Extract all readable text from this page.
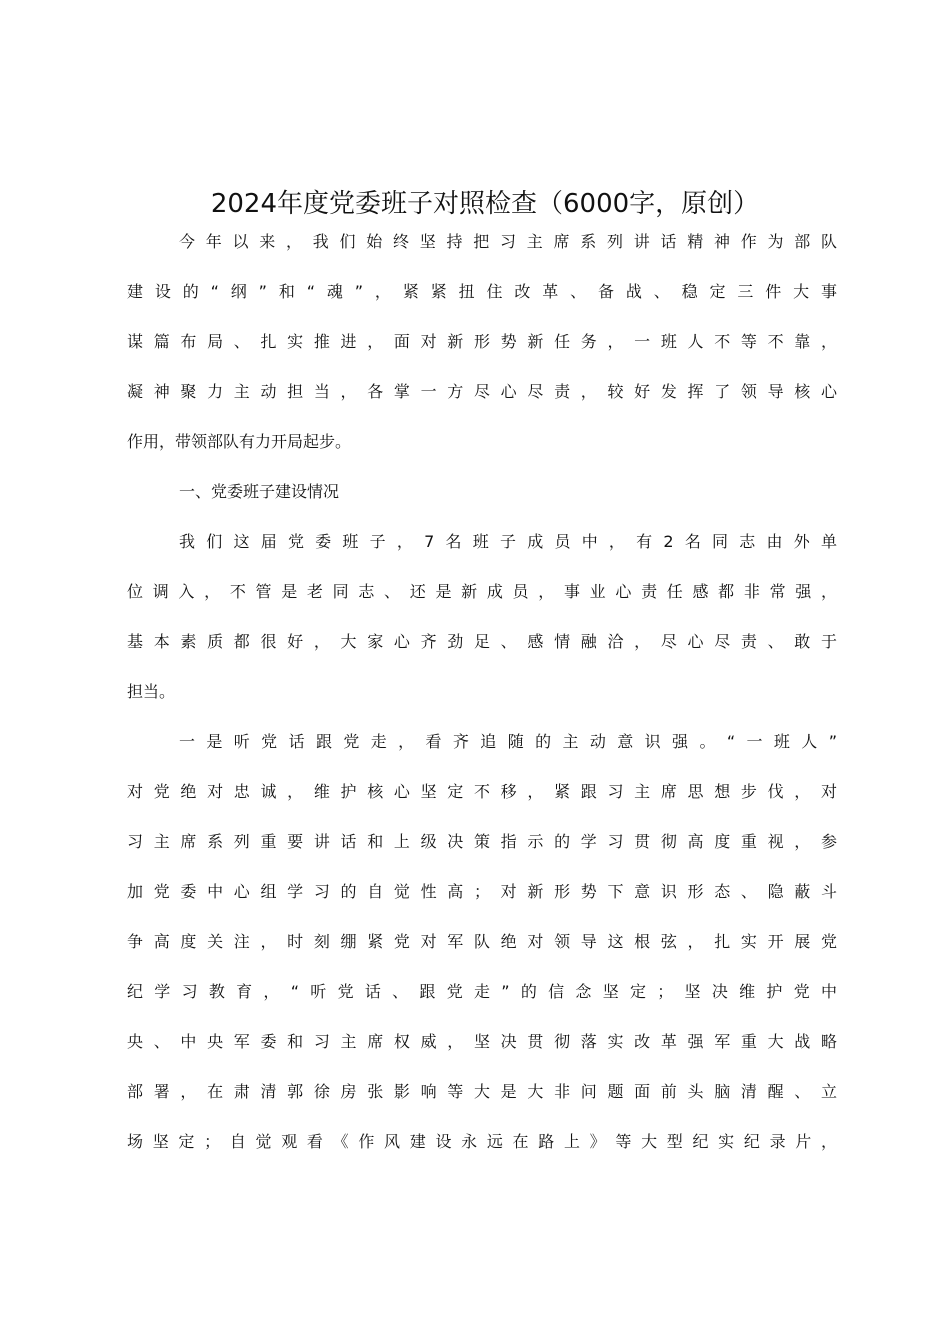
2024年度党委班子对照检查（6000字，原创）
今年以来，我们始终坚持把习主席系列讲话精神作为部队
建设的“纲”和“魂”，紧紧扭住改革、备战、稳定三件大事
谋篇布局、扎实推进，面对新形势新任务，一班人不等不靠，
凝神聚力主动担当，各掌一方尽心尽责，较好发挥了领导核心
作用，带领部队有力开局起步。
一、党委班子建设情况
我们这届党委班子，7名班子成员中，有2名同志由外单
位调入，不管是老同志、还是新成员，事业心责任感都非常强，
基本素质都很好，大家心齐劲足、感情融洽，尽心尽责、敢于
担当。
一是听党话跟党走，看齐追随的主动意识强。“一班人”
对党绝对忠诚，维护核心坚定不移，紧跟习主席思想步伐，对
习主席系列重要讲话和上级决策指示的学习贯彻高度重视，参
加党委中心组学习的自觉性高；对新形势下意识形态、隐蔽斗
争高度关注，时刻绷紧党对军队绝对领导这根弦，扎实开展党
纪学习教育，“听党话、跟党走”的信念坚定；坚决维护党中
央、中央军委和习主席权威，坚决贯彻落实改革强军重大战略
部署，在肃清郭徐房张影响等大是大非问题面前头脑清醒、立
场坚定；自觉观看《作风建设永远在路上》等大型纪实纪录片，
